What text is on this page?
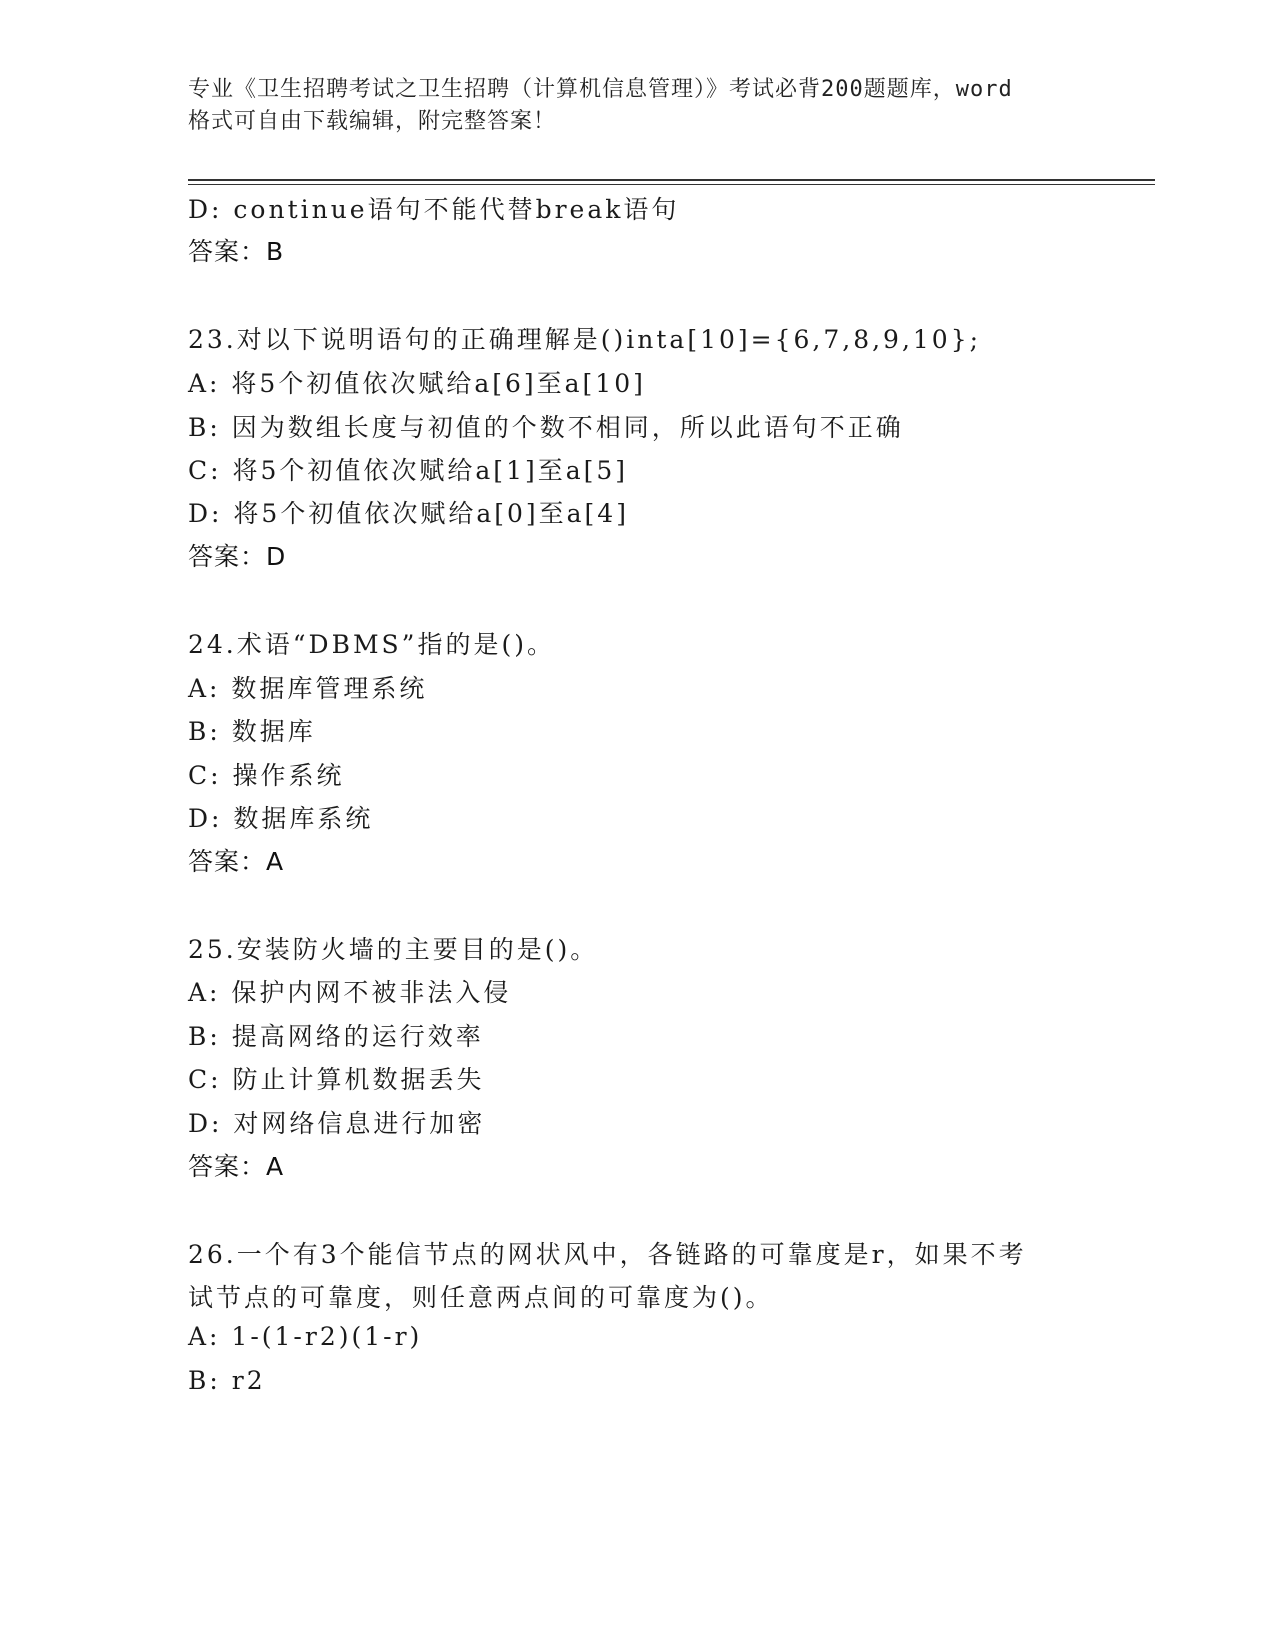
专业《卫生招聘考试之卫生招聘（计算机信息管理）》考试必背200题题库，word
格式可自由下载编辑，附完整答案！
D: continue语句不能代替break语句
答案：B
23.对以下说明语句的正确理解是()inta[10]={6,7,8,9,10};
A: 将5个初值依次赋给a[6]至a[10]
B: 因为数组长度与初值的个数不相同，所以此语句不正确
C: 将5个初值依次赋给a[1]至a[5]
D: 将5个初值依次赋给a[0]至a[4]
答案：D
24.术语“DBMS”指的是()。
A: 数据库管理系统
B: 数据库
C: 操作系统
D: 数据库系统
答案：A
25.安装防火墙的主要目的是()。
A: 保护内网不被非法入侵
B: 提高网络的运行效率
C: 防止计算机数据丢失
D: 对网络信息进行加密
答案：A
26.一个有3个能信节点的网状风中，各链路的可靠度是r，如果不考
试节点的可靠度，则任意两点间的可靠度为()。
A: 1-(1-r2)(1-r)
B: r2
